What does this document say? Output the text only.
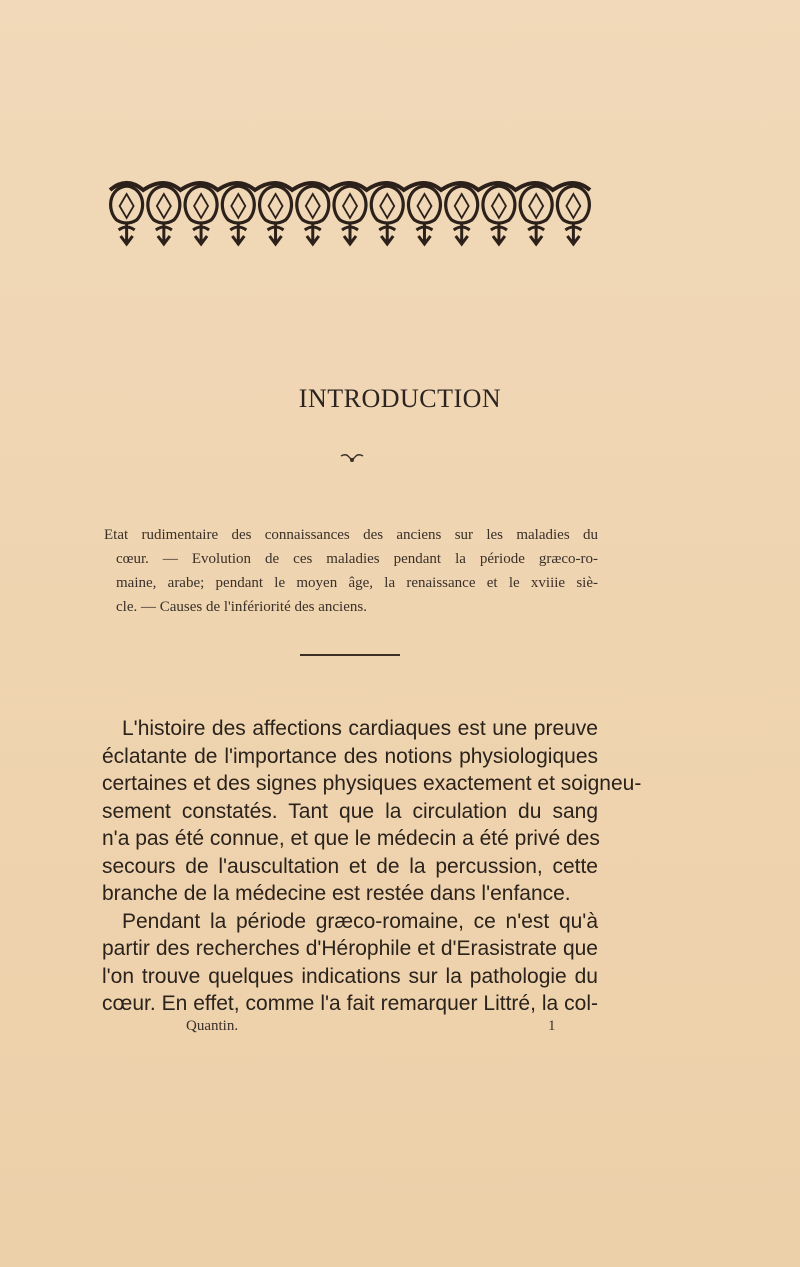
INTRODUCTION
Etat rudimentaire des connaissances des anciens sur les maladies du
cœur. — Evolution de ces maladies pendant la période græco-ro-
maine, arabe; pendant le moyen âge, la renaissance et le xviiie siè-
cle. — Causes de l'infériorité des anciens.
L'histoire des affections cardiaques est une preuve
éclatante de l'importance des notions physiologiques
certaines et des signes physiques exactement et soigneu-
sement constatés. Tant que la circulation du sang
n'a pas été connue, et que le médecin a été privé des
secours de l'auscultation et de la percussion, cette
branche de la médecine est restée dans l'enfance.
Pendant la période græco-romaine, ce n'est qu'à
partir des recherches d'Hérophile et d'Erasistrate que
l'on trouve quelques indications sur la pathologie du
cœur. En effet, comme l'a fait remarquer Littré, la col-
Quantin.	1
